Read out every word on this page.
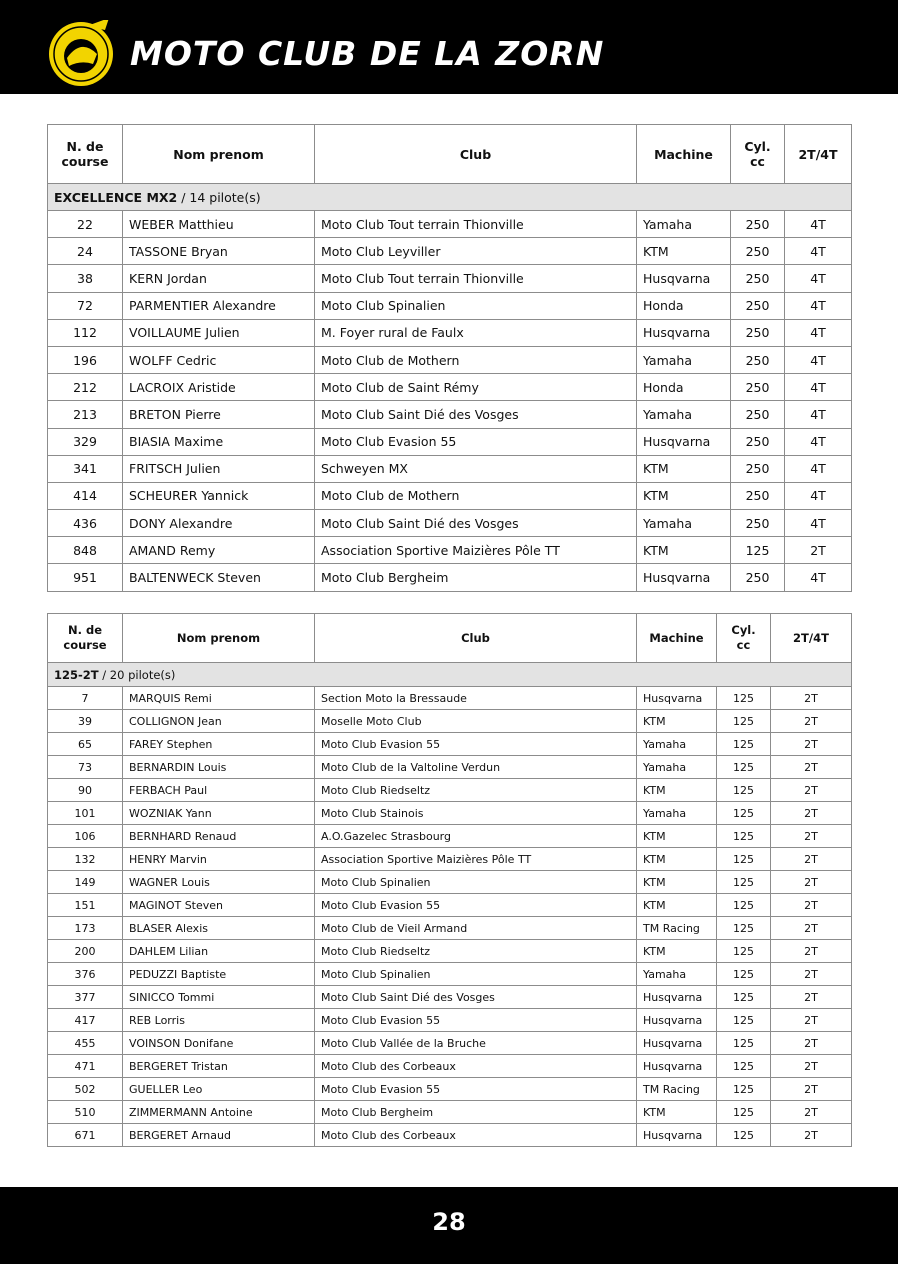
MOTO CLUB DE LA ZORN
N. de course	Nom prenom	Club	Machine	Cyl. cc	2T/4T
EXCELLENCE MX2 / 14 pilote(s)					
22	WEBER Matthieu	Moto Club Tout terrain Thionville	Yamaha	250	4T
24	TASSONE Bryan	Moto Club Leyviller	KTM	250	4T
38	KERN Jordan	Moto Club Tout terrain Thionville	Husqvarna	250	4T
72	PARMENTIER Alexandre	Moto Club Spinalien	Honda	250	4T
112	VOILLAUME Julien	M. Foyer rural de Faulx	Husqvarna	250	4T
196	WOLFF Cedric	Moto Club de Mothern	Yamaha	250	4T
212	LACROIX Aristide	Moto Club de Saint Rémy	Honda	250	4T
213	BRETON Pierre	Moto Club Saint Dié des Vosges	Yamaha	250	4T
329	BIASIA Maxime	Moto Club Evasion 55	Husqvarna	250	4T
341	FRITSCH Julien	Schweyen MX	KTM	250	4T
414	SCHEURER Yannick	Moto Club de Mothern	KTM	250	4T
436	DONY Alexandre	Moto Club Saint Dié des Vosges	Yamaha	250	4T
848	AMAND Remy	Association Sportive Maizières Pôle TT	KTM	125	2T
951	BALTENWECK Steven	Moto Club Bergheim	Husqvarna	250	4T
N. de course	Nom prenom	Club	Machine	Cyl. cc	2T/4T
125-2T / 20 pilote(s)					
7	MARQUIS Remi	Section Moto la Bressaude	Husqvarna	125	2T
39	COLLIGNON Jean	Moselle Moto Club	KTM	125	2T
65	FAREY Stephen	Moto Club Evasion 55	Yamaha	125	2T
73	BERNARDIN Louis	Moto Club de la Valtoline Verdun	Yamaha	125	2T
90	FERBACH Paul	Moto Club Riedseltz	KTM	125	2T
101	WOZNIAK Yann	Moto Club Stainois	Yamaha	125	2T
106	BERNHARD Renaud	A.O.Gazelec Strasbourg	KTM	125	2T
132	HENRY Marvin	Association Sportive Maizières Pôle TT	KTM	125	2T
149	WAGNER Louis	Moto Club Spinalien	KTM	125	2T
151	MAGINOT Steven	Moto Club Evasion 55	KTM	125	2T
173	BLASER Alexis	Moto Club de Vieil Armand	TM Racing	125	2T
200	DAHLEM Lilian	Moto Club Riedseltz	KTM	125	2T
376	PEDUZZI Baptiste	Moto Club Spinalien	Yamaha	125	2T
377	SINICCO Tommi	Moto Club Saint Dié des Vosges	Husqvarna	125	2T
417	REB Lorris	Moto Club Evasion 55	Husqvarna	125	2T
455	VOINSON Donifane	Moto Club Vallée de la Bruche	Husqvarna	125	2T
471	BERGERET Tristan	Moto Club des Corbeaux	Husqvarna	125	2T
502	GUELLER Leo	Moto Club Evasion 55	TM Racing	125	2T
510	ZIMMERMANN Antoine	Moto Club Bergheim	KTM	125	2T
671	BERGERET Arnaud	Moto Club des Corbeaux	Husqvarna	125	2T
28
